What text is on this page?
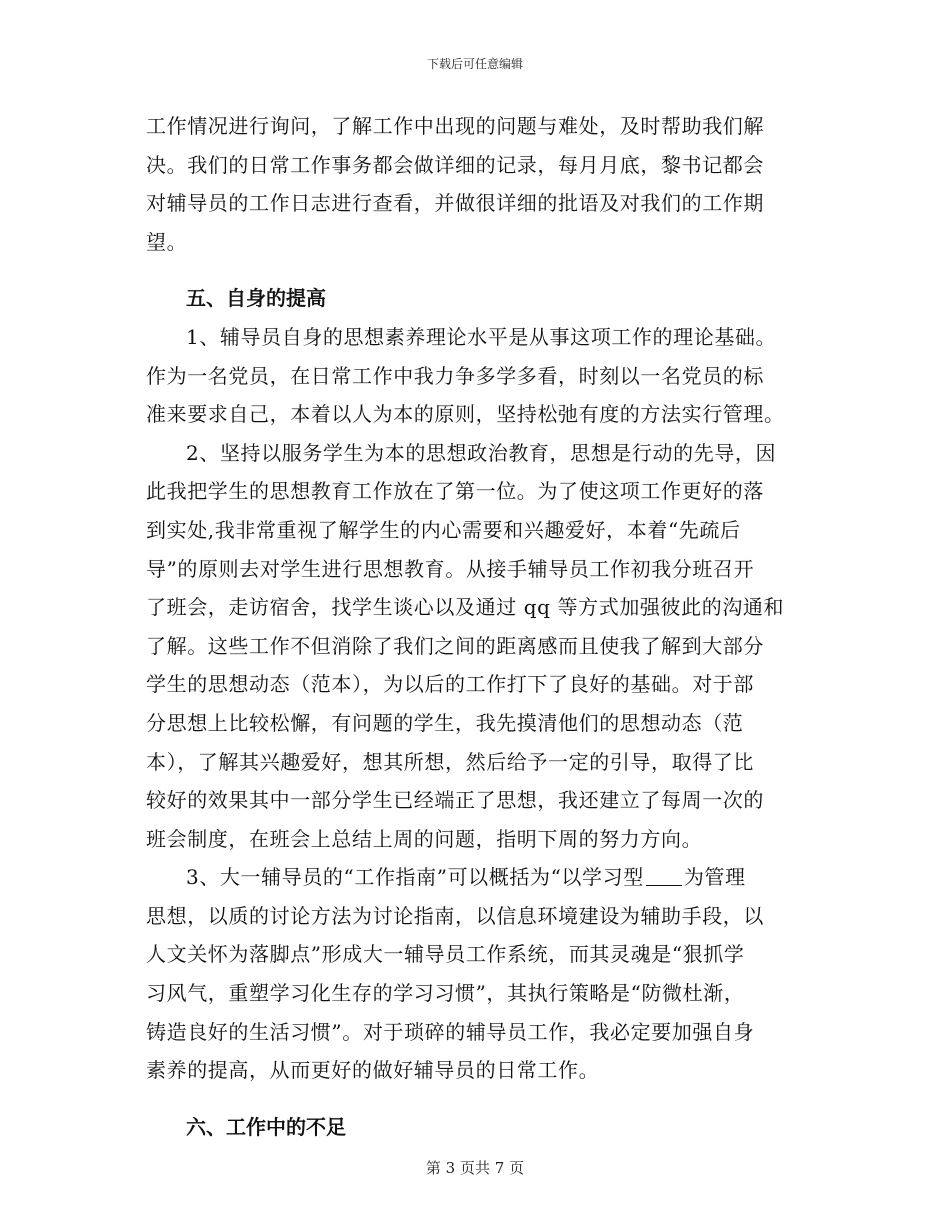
下载后可任意编辑
工作情况进行询问，了解工作中出现的问题与难处，及时帮助我们解
决。我们的日常工作事务都会做详细的记录，每月月底，黎书记都会
对辅导员的工作日志进行查看，并做很详细的批语及对我们的工作期
望。
五、自身的提高
1、辅导员自身的思想素养理论水平是从事这项工作的理论基础。
作为一名党员，在日常工作中我力争多学多看，时刻以一名党员的标
准来要求自己，本着以人为本的原则，坚持松弛有度的方法实行管理。
2、坚持以服务学生为本的思想政治教育，思想是行动的先导，因
此我把学生的思想教育工作放在了第一位。为了使这项工作更好的落
到实处,我非常重视了解学生的内心需要和兴趣爱好，本着“先疏后
导”的原则去对学生进行思想教育。从接手辅导员工作初我分班召开
了班会，走访宿舍，找学生谈心以及通过 qq 等方式加强彼此的沟通和
了解。这些工作不但消除了我们之间的距离感而且使我了解到大部分
学生的思想动态（范本），为以后的工作打下了良好的基础。对于部
分思想上比较松懈，有问题的学生，我先摸清他们的思想动态（范
本），了解其兴趣爱好，想其所想，然后给予一定的引导，取得了比
较好的效果其中一部分学生已经端正了思想，我还建立了每周一次的
班会制度，在班会上总结上周的问题，指明下周的努力方向。
3、大一辅导员的“工作指南”可以概括为“以学习型 为管理
思想，以质的讨论方法为讨论指南，以信息环境建设为辅助手段，以
人文关怀为落脚点”形成大一辅导员工作系统，而其灵魂是“狠抓学
习风气，重塑学习化生存的学习习惯”，其执行策略是“防微杜渐，
铸造良好的生活习惯”。对于琐碎的辅导员工作，我必定要加强自身
素养的提高，从而更好的做好辅导员的日常工作。
六、工作中的不足
第 3 页共 7 页
